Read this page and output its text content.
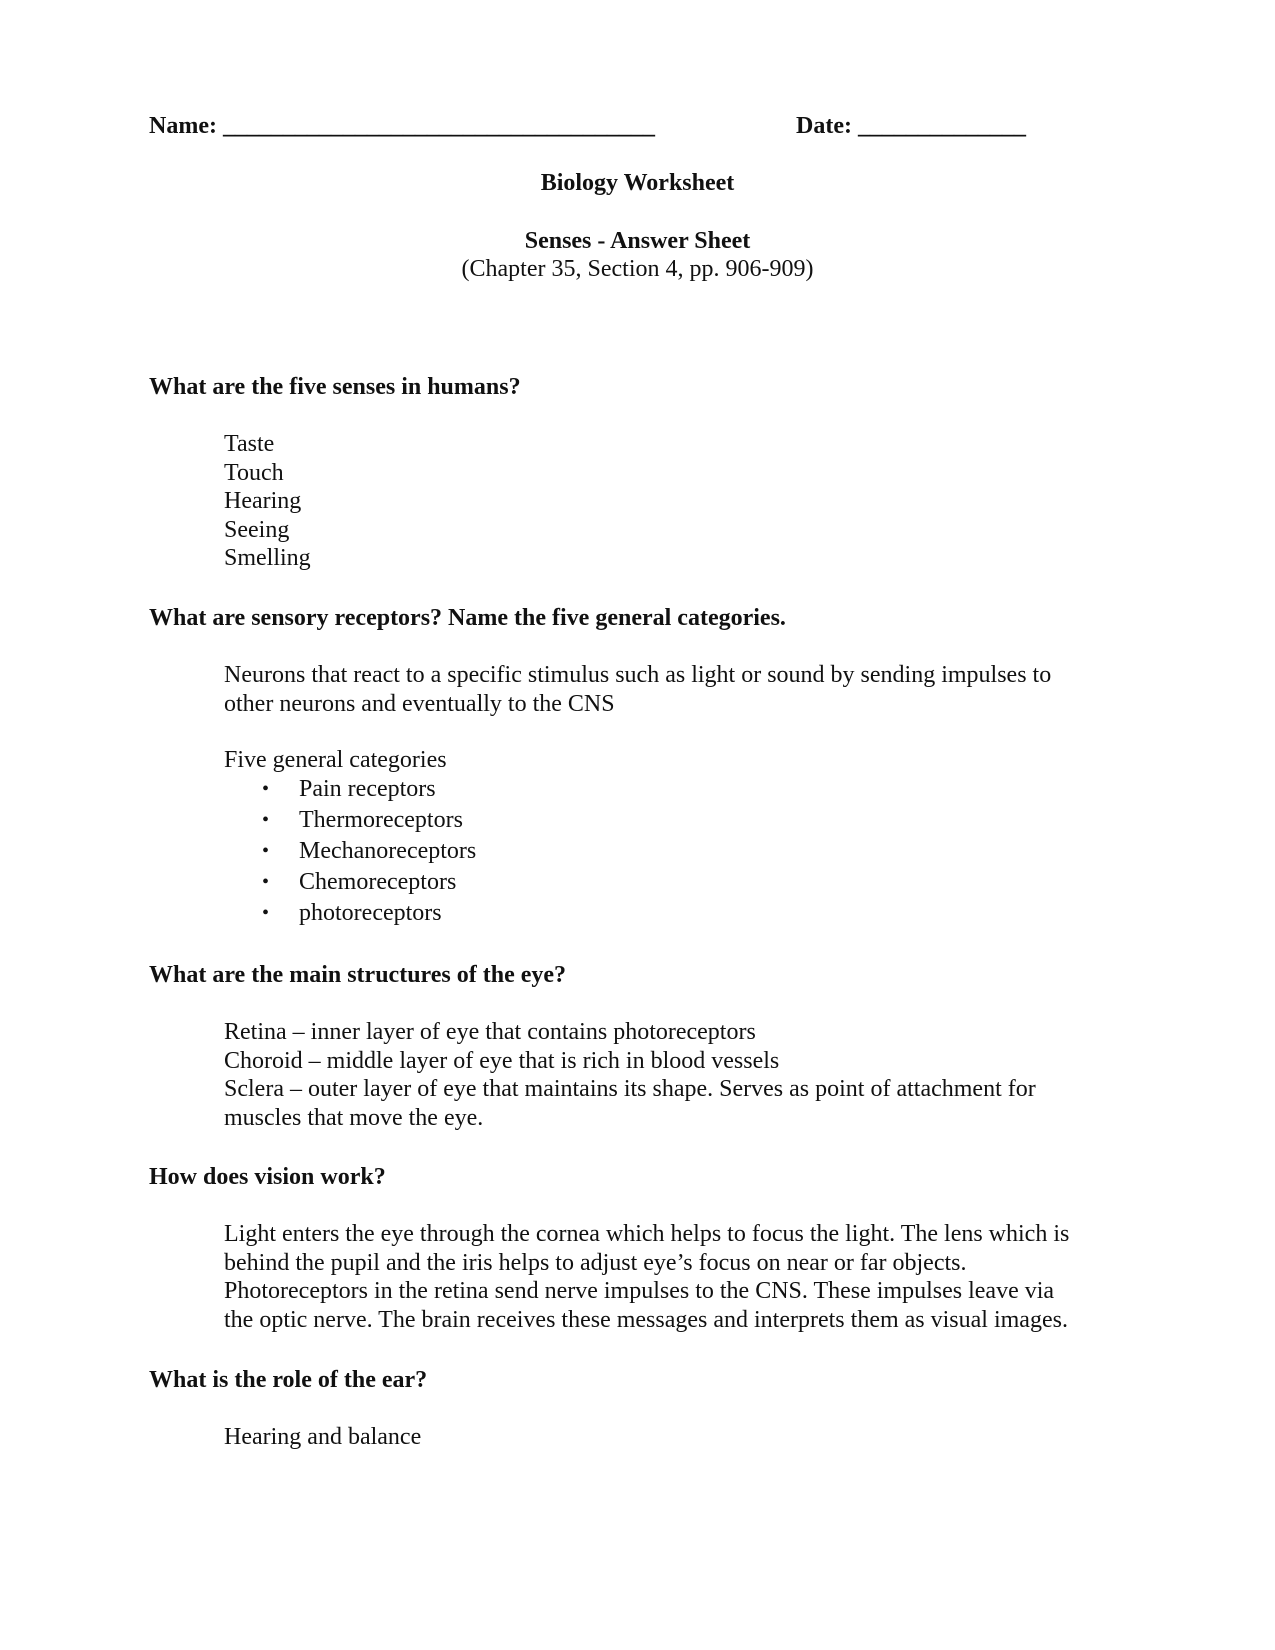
Name: ____________________________________	Date: ______________
Biology Worksheet
Senses - Answer Sheet
(Chapter 35, Section 4, pp. 906-909)
What are the five senses in humans?
Taste
Touch
Hearing
Seeing
Smelling
What are sensory receptors? Name the five general categories.
Neurons that react to a specific stimulus such as light or sound by sending impulses to
other neurons and eventually to the CNS
Five general categories
• Pain receptors
• Thermoreceptors
• Mechanoreceptors
• Chemoreceptors
• photoreceptors
What are the main structures of the eye?
Retina – inner layer of eye that contains photoreceptors
Choroid – middle layer of eye that is rich in blood vessels
Sclera – outer layer of eye that maintains its shape. Serves as point of attachment for
muscles that move the eye.
How does vision work?
Light enters the eye through the cornea which helps to focus the light. The lens which is
behind the pupil and the iris helps to adjust eye’s focus on near or far objects.
Photoreceptors in the retina send nerve impulses to the CNS. These impulses leave via
the optic nerve. The brain receives these messages and interprets them as visual images.
What is the role of the ear?
Hearing and balance
